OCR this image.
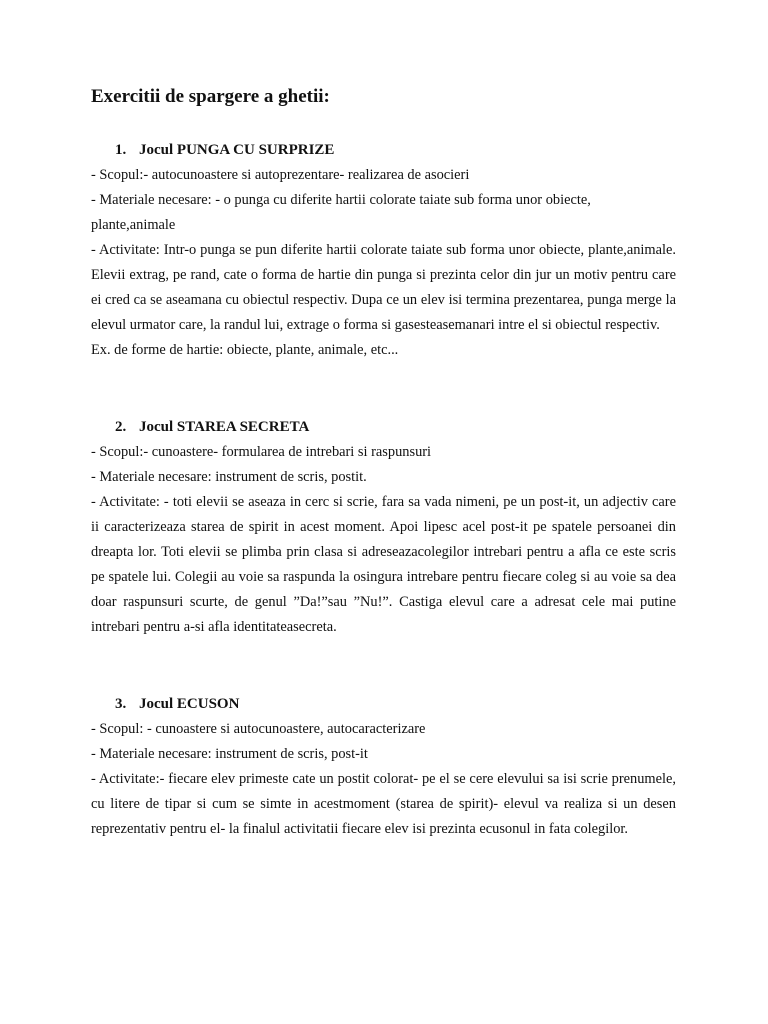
Exercitii de spargere a ghetii:
1. Jocul PUNGA CU SURPRIZE

- Scopul:- autocunoastere si autoprezentare- realizarea de asocieri

- Materiale necesare: - o punga cu diferite hartii colorate taiate sub forma unor obiecte, plante,animale

- Activitate: Intr-o punga se pun diferite hartii colorate taiate sub forma unor obiecte, plante,animale. Elevii extrag, pe rand, cate o forma de hartie din punga si prezinta celor din jur un motiv pentru care ei cred ca se aseamana cu obiectul respectiv. Dupa ce un elev isi termina prezentarea, punga merge la elevul urmator care, la randul lui, extrage o forma si gasesteasemanari intre el si obiectul respectiv.

Ex. de forme de hartie: obiecte, plante, animale, etc...

2. Jocul STAREA SECRETA

- Scopul:- cunoastere- formularea de intrebari si raspunsuri

- Materiale necesare: instrument de scris, postit.

- Activitate: - toti elevii se aseaza in cerc si scrie, fara sa vada nimeni, pe un post-it, un adjectiv care ii caracterizeaza starea de spirit in acest moment. Apoi lipesc acel post-it pe spatele persoanei din dreapta lor. Toti elevii se plimba prin clasa si adreseazacolegilor intrebari pentru a afla ce este scris pe spatele lui. Colegii au voie sa raspunda la osingura intrebare pentru fiecare coleg si au voie sa dea doar raspunsuri scurte, de genul ”Da!”sau ”Nu!”. Castiga elevul care a adresat cele mai putine intrebari pentru a-si afla identitateasecreta.

3. Jocul ECUSON

- Scopul: - cunoastere si autocunoastere, autocaracterizare

- Materiale necesare: instrument de scris, post-it

- Activitate:- fiecare elev primeste cate un postit colorat- pe el se cere elevului sa isi scrie prenumele, cu litere de tipar si cum se simte in acestmoment (starea de spirit)- elevul va realiza si un desen reprezentativ pentru el- la finalul activitatii fiecare elev isi prezinta ecusonul in fata colegilor.
